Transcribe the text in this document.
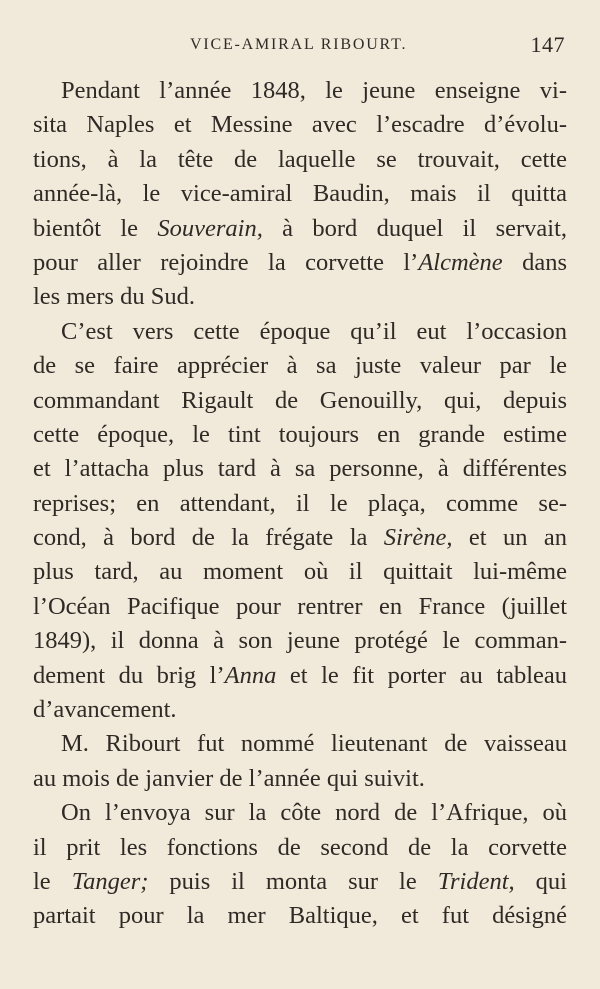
VICE-AMIRAL RIBOURT.	147
Pendant l’année 1848, le jeune enseigne vi-
sita Naples et Messine avec l’escadre d’évolu-
tions, à la tête de laquelle se trouvait, cette
année-là, le vice-amiral Baudin, mais il quitta
bientôt le Souverain, à bord duquel il servait,
pour aller rejoindre la corvette l’Alcmène dans
les mers du Sud.
C’est vers cette époque qu’il eut l’occasion
de se faire apprécier à sa juste valeur par le
commandant Rigault de Genouilly, qui, depuis
cette époque, le tint toujours en grande estime
et l’attacha plus tard à sa personne, à différentes
reprises; en attendant, il le plaça, comme se-
cond, à bord de la frégate la Sirène, et un an
plus tard, au moment où il quittait lui-même
l’Océan Pacifique pour rentrer en France (juillet
1849), il donna à son jeune protégé le comman-
dement du brig l’Anna et le fit porter au tableau
d’avancement.
M. Ribourt fut nommé lieutenant de vaisseau
au mois de janvier de l’année qui suivit.
On l’envoya sur la côte nord de l’Afrique, où
il prit les fonctions de second de la corvette
le Tanger; puis il monta sur le Trident, qui
partait pour la mer Baltique, et fut désigné
